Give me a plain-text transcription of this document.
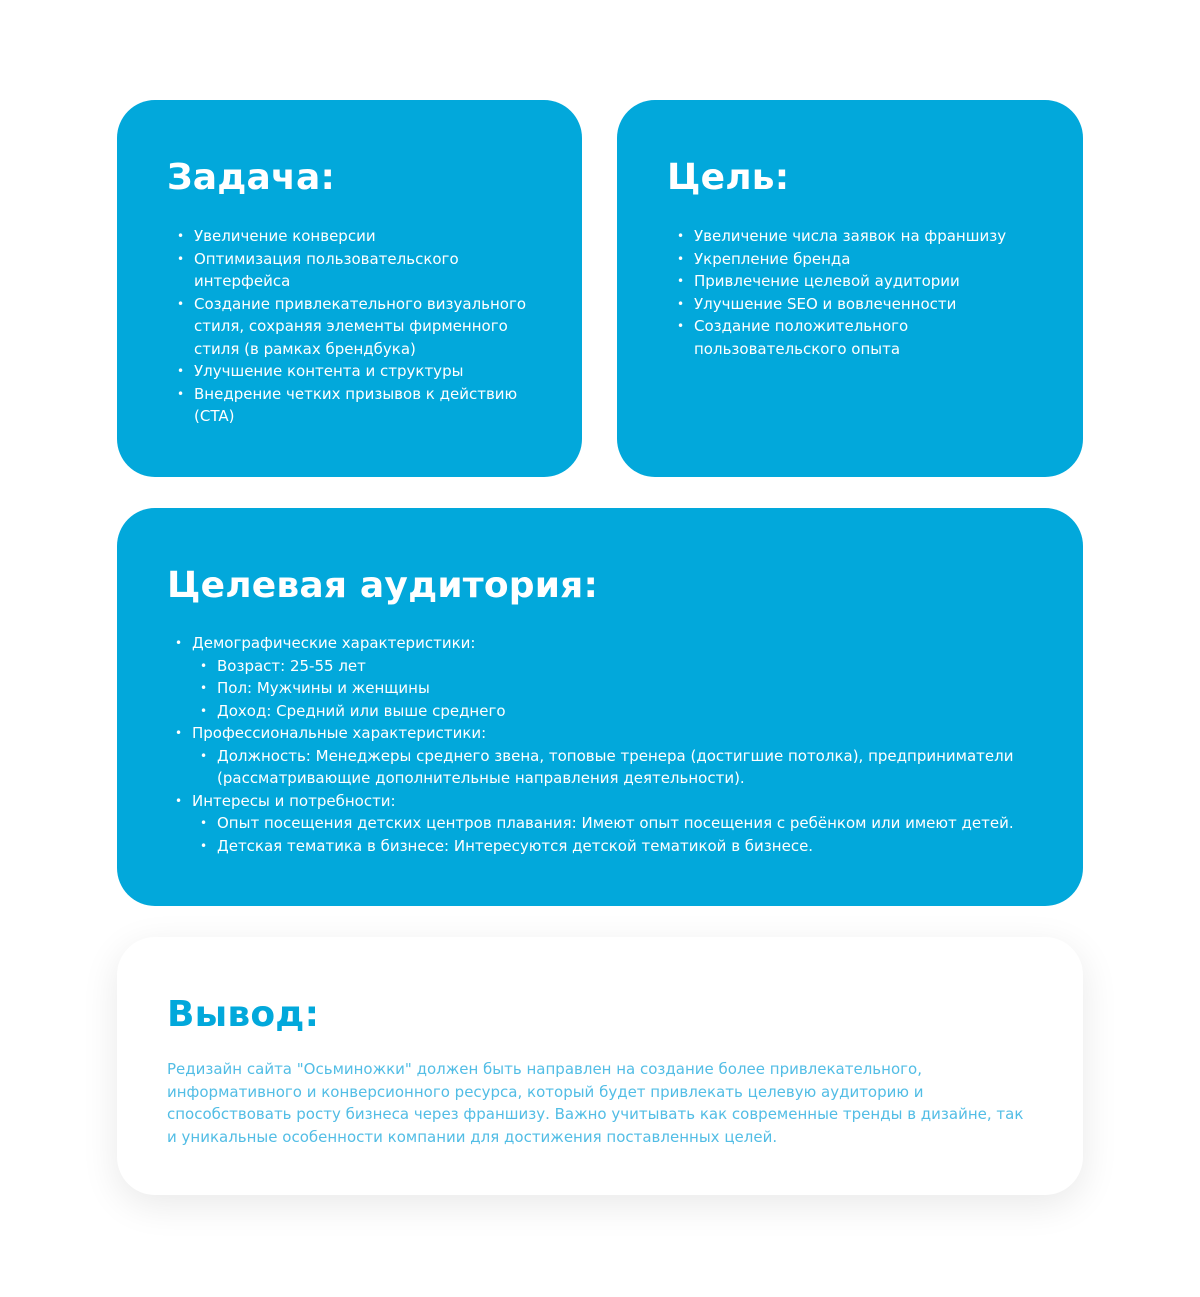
Задача:
• Увеличение конверсии
• Оптимизация пользовательского интерфейса
• Создание привлекательного визуального стиля, сохраняя элементы фирменного стиля (в рамках брендбука)
• Улучшение контента и структуры
• Внедрение четких призывов к действию (CTA)
Цель:
• Увеличение числа заявок на франшизу
• Укрепление бренда
• Привлечение целевой аудитории
• Улучшение SEO и вовлеченности
• Создание положительного пользовательского опыта
Целевая аудитория:
• Демографические характеристики:
• Возраст: 25-55 лет
• Пол: Мужчины и женщины
• Доход: Средний или выше среднего
• Профессиональные характеристики:
• Должность: Менеджеры среднего звена, топовые тренера (достигшие потолка), предприниматели (рассматривающие дополнительные направления деятельности).
• Интересы и потребности:
• Опыт посещения детских центров плавания: Имеют опыт посещения с ребёнком или имеют детей.
• Детская тематика в бизнесе: Интересуются детской тематикой в бизнесе.
Вывод:

Редизайн сайта "Осьминожки" должен быть направлен на создание более привлекательного, информативного и конверсионного ресурса, который будет привлекать целевую аудиторию и способствовать росту бизнеса через франшизу. Важно учитывать как современные тренды в дизайне, так и уникальные особенности компании для достижения поставленных целей.
